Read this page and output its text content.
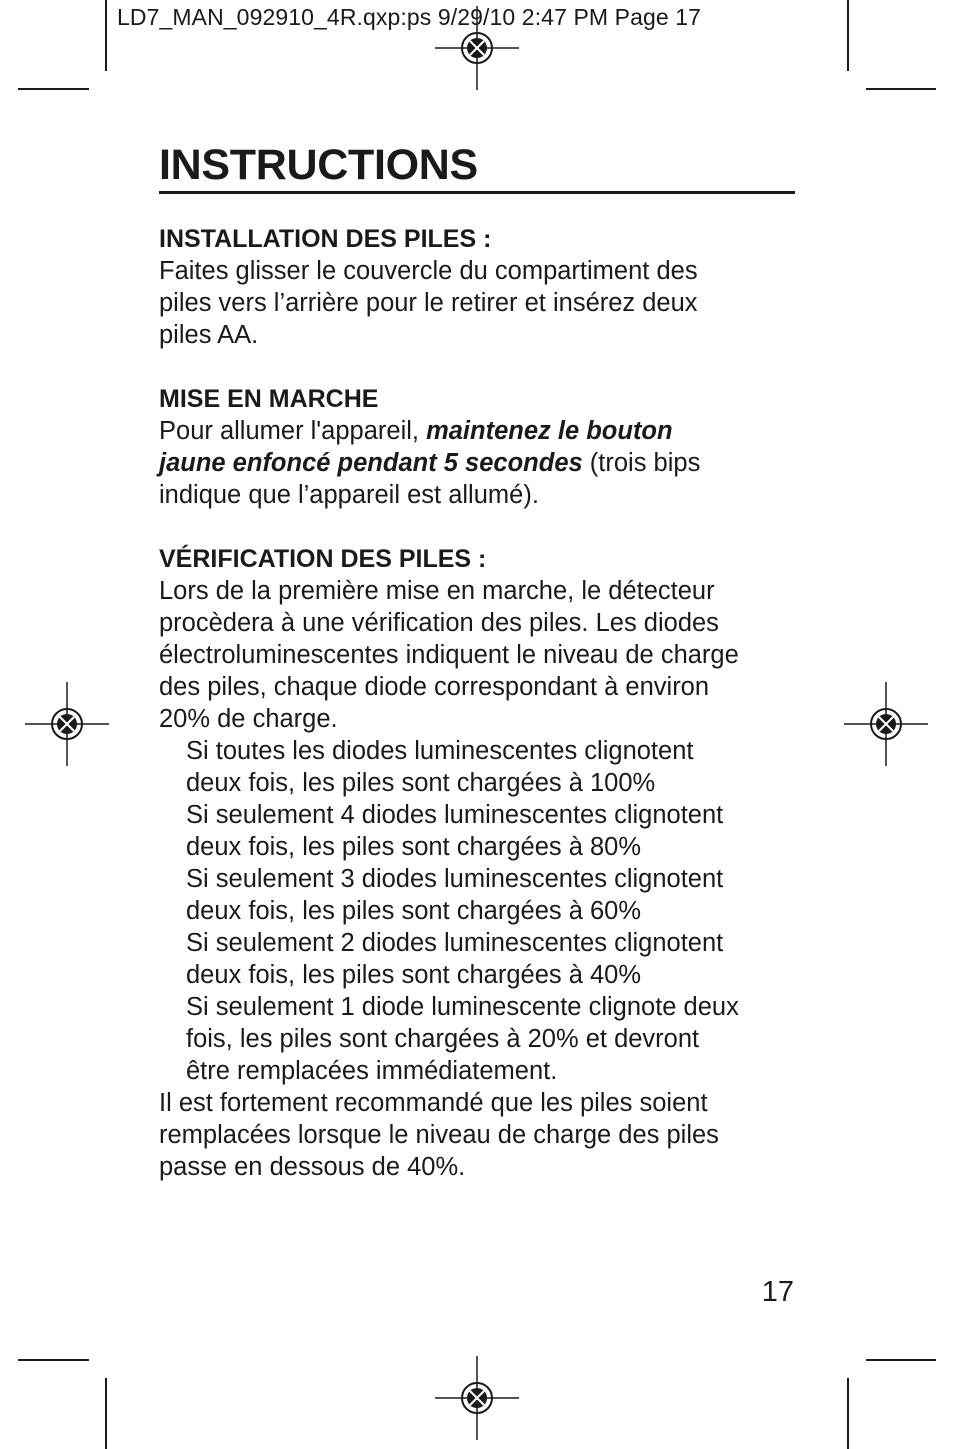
LD7_MAN_092910_4R.qxp:ps 9/29/10 2:47 PM Page 17
INSTRUCTIONS
INSTALLATION DES PILES :
Faites glisser le couvercle du compartiment des
piles vers l’arrière pour le retirer et insérez deux
piles AA.
MISE EN MARCHE
Pour allumer l'appareil, maintenez le bouton
jaune enfoncé pendant 5 secondes (trois bips
indique que l’appareil est allumé).
VÉRIFICATION DES PILES :
Lors de la première mise en marche, le détecteur
procèdera à une vérification des piles. Les diodes
électroluminescentes indiquent le niveau de charge
des piles, chaque diode correspondant à environ
20% de charge.
Si toutes les diodes luminescentes clignotent
deux fois, les piles sont chargées à 100%
Si seulement 4 diodes luminescentes clignotent
deux fois, les piles sont chargées à 80%
Si seulement 3 diodes luminescentes clignotent
deux fois, les piles sont chargées à 60%
Si seulement 2 diodes luminescentes clignotent
deux fois, les piles sont chargées à 40%
Si seulement 1 diode luminescente clignote deux
fois, les piles sont chargées à 20% et devront
être remplacées immédiatement.
Il est fortement recommandé que les piles soient
remplacées lorsque le niveau de charge des piles
passe en dessous de 40%.
17
